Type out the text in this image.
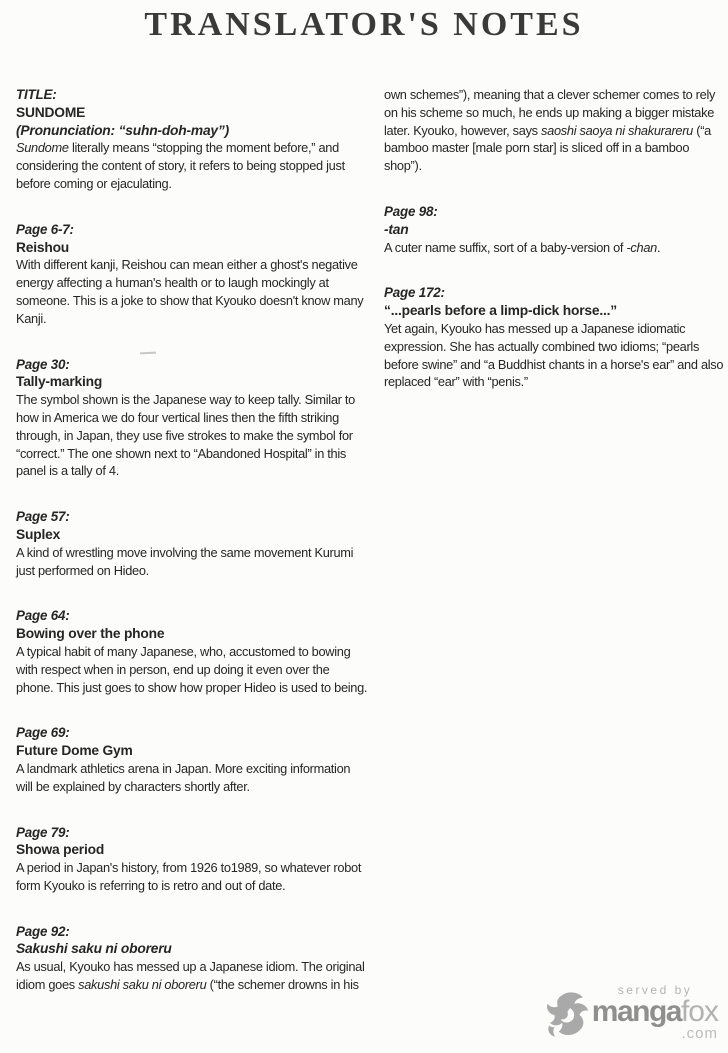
TRANSLATOR'S NOTES
TITLE:
SUNDOME
(Pronunciation: “suhn-doh-may”)

Sundome literally means “stopping the moment before,” and considering the content of story, it refers to being stopped just before coming or ejaculating.

Page 6-7:
Reishou

With different kanji, Reishou can mean either a ghost's negative energy affecting a human's health or to laugh mockingly at someone. This is a joke to show that Kyouko doesn't know many Kanji.

Page 30:
Tally-marking

The symbol shown is the Japanese way to keep tally. Similar to how in America we do four vertical lines then the fifth striking through, in Japan, they use five strokes to make the symbol for “correct.” The one shown next to “Abandoned Hospital” in this panel is a tally of 4.

Page 57:
Suplex

A kind of wrestling move involving the same movement Kurumi just performed on Hideo.

Page 64:
Bowing over the phone

A typical habit of many Japanese, who, accustomed to bowing with respect when in person, end up doing it even over the phone. This just goes to show how proper Hideo is used to being.

Page 69:
Future Dome Gym

A landmark athletics arena in Japan. More exciting information will be explained by characters shortly after.

Page 79:
Showa period

A period in Japan's history, from 1926 to1989, so whatever robot form Kyouko is referring to is retro and out of date.

Page 92:
Sakushi saku ni oboreru

As usual, Kyouko has messed up a Japanese idiom. The original idiom goes sakushi saku ni oboreru (“the schemer drowns in his

own schemes”), meaning that a clever schemer comes to rely on his scheme so much, he ends up making a bigger mistake later. Kyouko, however, says saoshi saoya ni shakurareru (“a bamboo master [male porn star] is sliced off in a bamboo shop”).

Page 98:
-tan

A cuter name suffix, sort of a baby-version of -chan.

Page 172:
“...pearls before a limp-dick horse...”

Yet again, Kyouko has messed up a Japanese idiomatic expression. She has actually combined two idioms; “pearls before swine” and “a Buddhist chants in a horse's ear” and also replaced “ear” with “penis.”

served by
mangafox
.com
